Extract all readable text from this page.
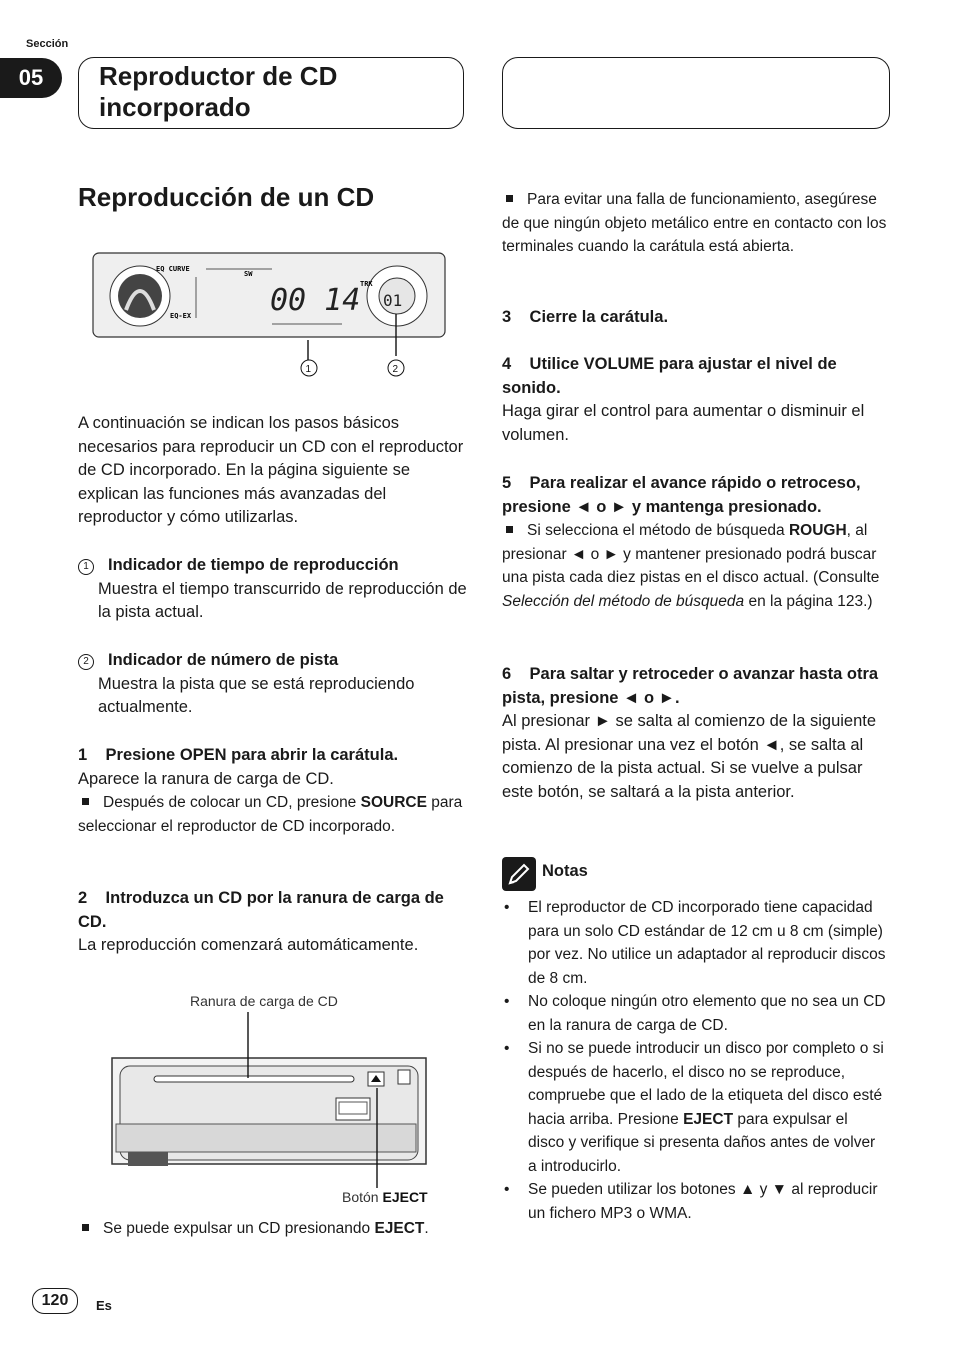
Sección
05	Reproductor de CD incorporado
Reproducción de un CD
EQ CURVE
SW
EQ-EX
TRK
00 14 01
1	2

A continuación se indican los pasos básicos necesarios para reproducir un CD con el reproductor de CD incorporado. En la página siguiente se explican las funciones más avanzadas del reproductor y cómo utilizarlas.

1 Indicador de tiempo de reproducción

Muestra el tiempo transcurrido de reproducción de la pista actual.

2 Indicador de número de pista

Muestra la pista que se está reproduciendo actualmente.

1 Presione OPEN para abrir la carátula.

Aparece la ranura de carga de CD.

Después de colocar un CD, presione SOURCE para seleccionar el reproductor de CD incorporado.

2 Introduzca un CD por la ranura de carga de CD.

La reproducción comenzará automáticamente.

Ranura de carga de CD
Botón EJECT

Se puede expulsar un CD presionando EJECT.

Para evitar una falla de funcionamiento, asegúrese de que ningún objeto metálico entre en contacto con los terminales cuando la carátula está abierta.

3 Cierre la carátula.

4 Utilice VOLUME para ajustar el nivel de sonido.

Haga girar el control para aumentar o disminuir el volumen.

5 Para realizar el avance rápido o retroceso, presione ◄ o ► y mantenga presionado.

Si selecciona el método de búsqueda ROUGH, al presionar ◄ o ► y mantener presionado podrá buscar una pista cada diez pistas en el disco actual. (Consulte Selección del método de búsqueda en la página 123.)

6 Para saltar y retroceder o avanzar hasta otra pista, presione ◄ o ►.

Al presionar ► se salta al comienzo de la siguiente pista. Al presionar una vez el botón ◄, se salta al comienzo de la pista actual. Si se vuelve a pulsar este botón, se saltará a la pista anterior.

Notas
• El reproductor de CD incorporado tiene capacidad para un solo CD estándar de 12 cm u 8 cm (simple) por vez. No utilice un adaptador al reproducir discos de 8 cm.
• No coloque ningún otro elemento que no sea un CD en la ranura de carga de CD.
• Si no se puede introducir un disco por completo o si después de hacerlo, el disco no se reproduce, compruebe que el lado de la etiqueta del disco esté hacia arriba. Presione EJECT para expulsar el disco y verifique si presenta daños antes de volver a introducirlo.
• Se pueden utilizar los botones ▲ y ▼ al reproducir un fichero MP3 o WMA.
120	Es
